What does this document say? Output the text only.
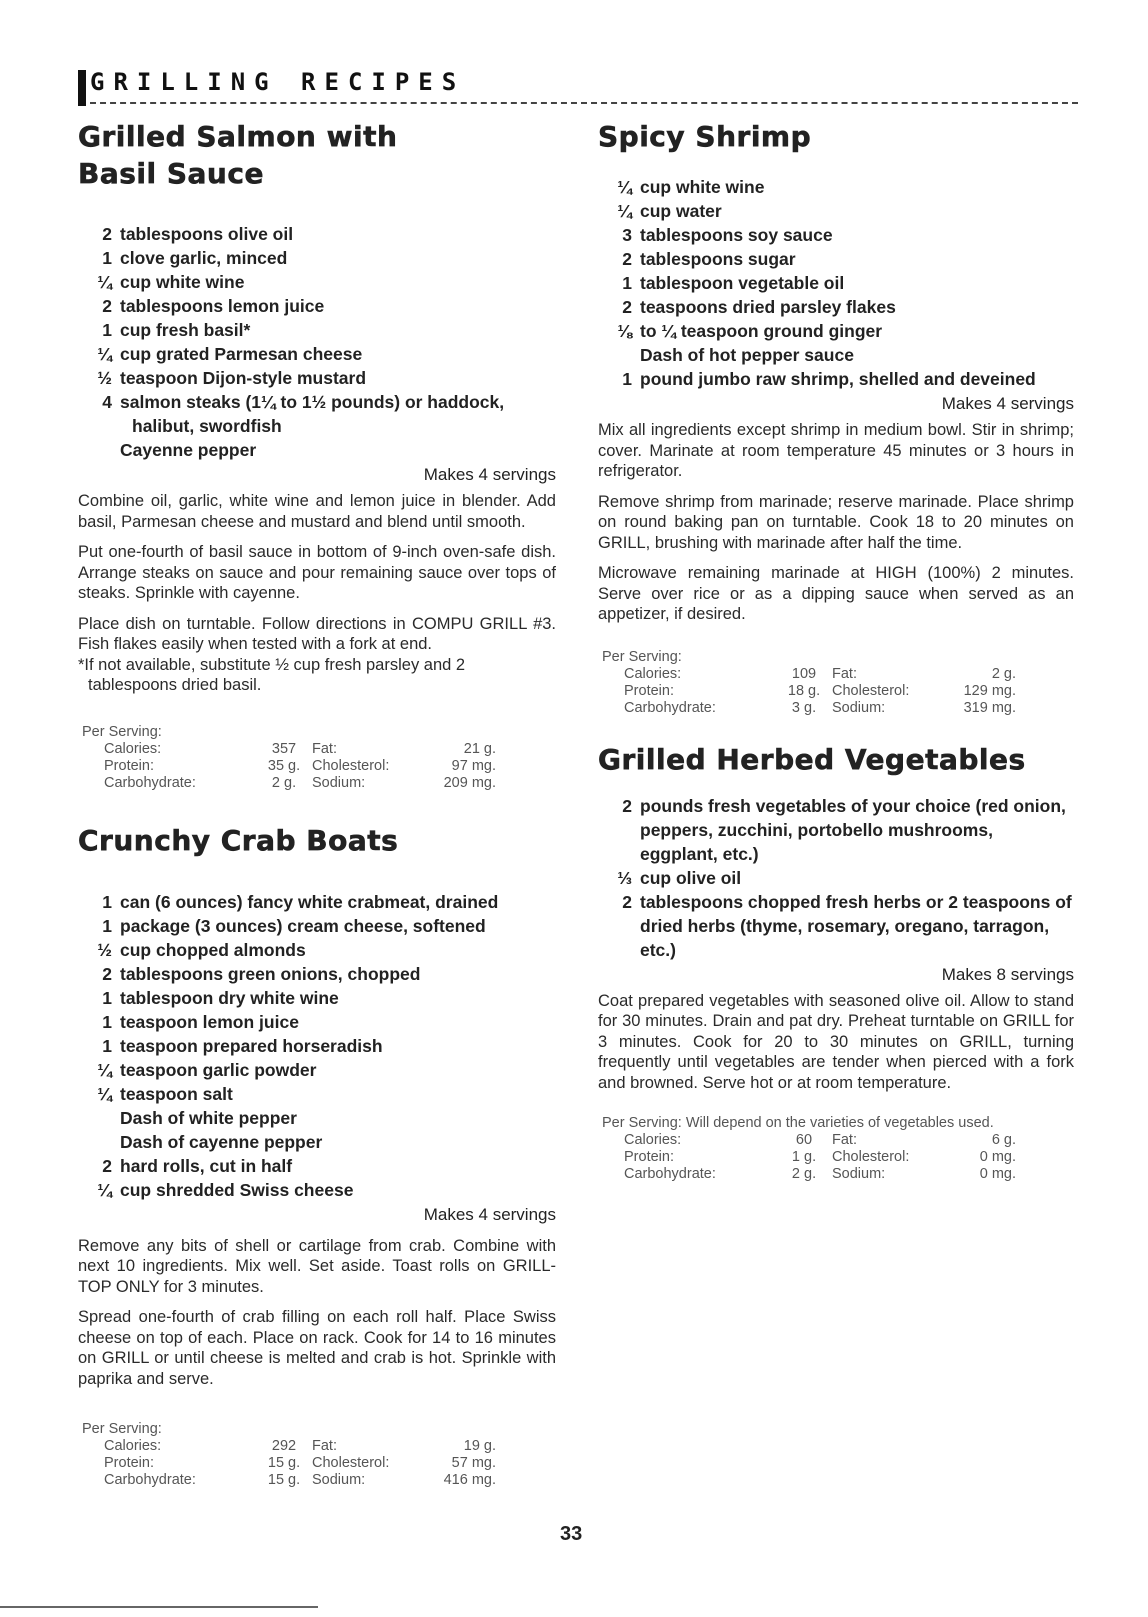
GRILLING RECIPES
Grilled Salmon with
Basil Sauce
2 tablespoons olive oil
1 clove garlic, minced
¼ cup white wine
2 tablespoons lemon juice
1 cup fresh basil*
¼ cup grated Parmesan cheese
½ teaspoon Dijon-style mustard
4 salmon steaks (1¼ to 1½ pounds) or haddock, halibut, swordfish
Cayenne pepper
Makes 4 servings

Combine oil, garlic, white wine and lemon juice in blender. Add basil, Parmesan cheese and mustard and blend until smooth.

Put one-fourth of basil sauce in bottom of 9-inch oven-safe dish. Arrange steaks on sauce and pour remaining sauce over tops of steaks. Sprinkle with cayenne.

Place dish on turntable. Follow directions in COMPU GRILL #3. Fish flakes easily when tested with a fork at end.

*If not available, substitute ½ cup fresh parsley and 2 tablespoons dried basil.

Per Serving:
Calories:	357	Fat:	21 g.
Protein:	35 g. Cholesterol:	97 mg.
Carbohydrate:	2 g.	Sodium:	209 mg.
Crunchy Crab Boats
1 can (6 ounces) fancy white crabmeat, drained
1 package (3 ounces) cream cheese, softened
½ cup chopped almonds
2 tablespoons green onions, chopped
1 tablespoon dry white wine
1 teaspoon lemon juice
1 teaspoon prepared horseradish
¼ teaspoon garlic powder
¼ teaspoon salt
Dash of white pepper
Dash of cayenne pepper
2 hard rolls, cut in half
¼ cup shredded Swiss cheese
Makes 4 servings

Remove any bits of shell or cartilage from crab. Combine with next 10 ingredients. Mix well. Set aside. Toast rolls on GRILL-TOP ONLY for 3 minutes.

Spread one-fourth of crab filling on each roll half. Place Swiss cheese on top of each. Place on rack. Cook for 14 to 16 minutes on GRILL or until cheese is melted and crab is hot. Sprinkle with paprika and serve.

Per Serving:
Calories:	292	Fat:	19 g.
Protein:	15 g. Cholesterol:	57 mg.
Carbohydrate:	15 g. Sodium:	416 mg.
Spicy Shrimp
¼ cup white wine
¼ cup water
3 tablespoons soy sauce
2 tablespoons sugar
1 tablespoon vegetable oil
2 teaspoons dried parsley flakes
⅛ to ¼ teaspoon ground ginger
Dash of hot pepper sauce
1 pound jumbo raw shrimp, shelled and deveined
Makes 4 servings

Mix all ingredients except shrimp in medium bowl. Stir in shrimp; cover. Marinate at room temperature 45 minutes or 3 hours in refrigerator.

Remove shrimp from marinade; reserve marinade. Place shrimp on round baking pan on turntable. Cook 18 to 20 minutes on GRILL, brushing with marinade after half the time.

Microwave remaining marinade at HIGH (100%) 2 minutes. Serve over rice or as a dipping sauce when served as an appetizer, if desired.

Per Serving:
Calories:	109	Fat:	2 g.
Protein:	18 g. Cholesterol:	129 mg.
Carbohydrate:	3 g.	Sodium:	319 mg.
Grilled Herbed Vegetables
2 pounds fresh vegetables of your choice (red onion, peppers, zucchini, portobello mushrooms, eggplant, etc.)
⅓ cup olive oil
2 tablespoons chopped fresh herbs or 2 teaspoons of dried herbs (thyme, rosemary, oregano, tarragon, etc.)
Makes 8 servings

Coat prepared vegetables with seasoned olive oil. Allow to stand for 30 minutes. Drain and pat dry. Preheat turntable on GRILL for 3 minutes. Cook for 20 to 30 minutes on GRILL, turning frequently until vegetables are tender when pierced with a fork and browned. Serve hot or at room temperature.

Per Serving: Will depend on the varieties of vegetables used.
Calories:	60	Fat:	6 g.
Protein:	1 g.	Cholesterol:	0 mg.
Carbohydrate:	2 g.	Sodium:	0 mg.
33
